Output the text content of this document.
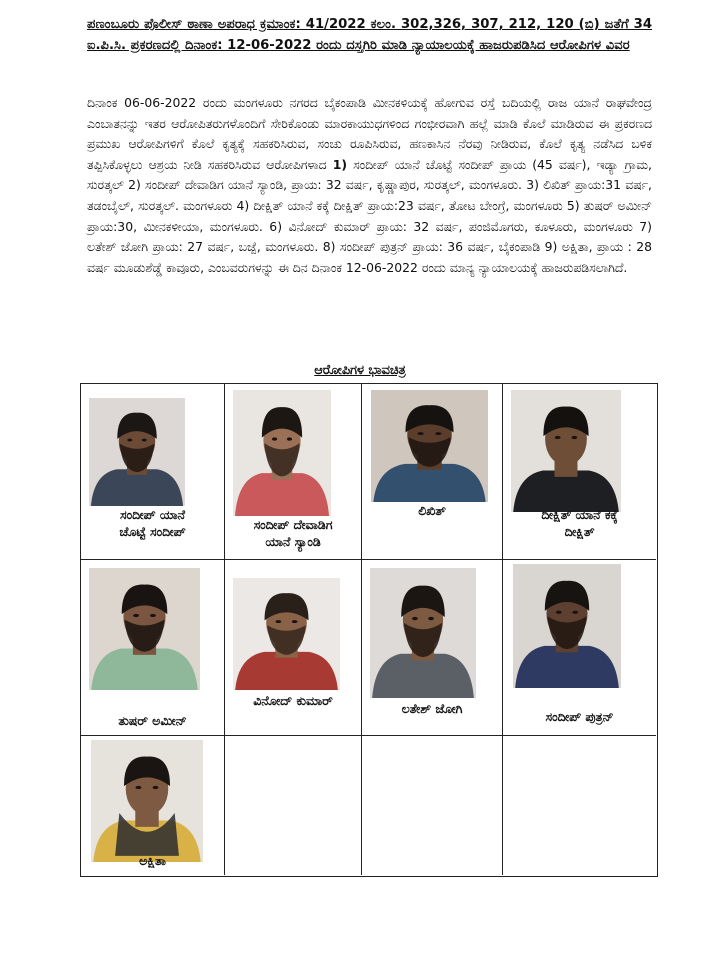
ಪಣಂಬೂರು ಪೊಲೀಸ್ ಠಾಣಾ ಅಪರಾಧ ಕ್ರಮಾಂಕ: 41/2022 ಕಲಂ. 302,326, 307, 212, 120 (ಬಿ) ಜತೆಗೆ 34 ಐ.ಪಿ.ಸಿ. ಪ್ರಕರಣದಲ್ಲಿ ದಿನಾಂಕ: 12-06-2022 ರಂದು ದಸ್ತಗಿರಿ ಮಾಡಿ ನ್ಯಾಯಾಲಯಕ್ಕೆ ಹಾಜರುಪಡಿಸಿದ ಆರೋಪಿಗಳ ವಿವರ
ದಿನಾಂಕ 06-06-2022 ರಂದು ಮಂಗಳೂರು ನಗರದ ಬೈಕಂಪಾಡಿ ಮೀನಕಳಿಯಕ್ಕೆ ಹೋಗುವ ರಸ್ತೆ ಬದಿಯಲ್ಲಿ ರಾಜ ಯಾನೆ ರಾಘವೇಂದ್ರ ಎಂಬಾತನನ್ನು ಇತರ ಆರೋಪಿತರುಗಳೊಂದಿಗೆ ಸೇರಿಕೊಂಡು ಮಾರಕಾಯುಧಗಳಿಂದ ಗಂಭೀರವಾಗಿ ಹಲ್ಲೆ ಮಾಡಿ ಕೊಲೆ ಮಾಡಿರುವ ಈ ಪ್ರಕರಣದ ಪ್ರಮುಖ ಆರೋಪಿಗಳಿಗೆ ಕೊಲೆ ಕೃತ್ಯಕ್ಕೆ ಸಹಕರಿಸಿರುವ, ಸಂಚು ರೂಪಿಸಿರುವ, ಹಣಕಾಸಿನ ನೆರವು ನೀಡಿರುವ, ಕೊಲೆ ಕೃತ್ಯ ನಡೆಸಿದ ಬಳಿಕ ತಪ್ಪಿಸಿಕೊಳ್ಳಲು ಆಶ್ರಯ ನೀಡಿ ಸಹಕರಿಸಿರುವ ಆರೋಪಿಗಳಾದ 1) ಸಂದೀಪ್ ಯಾನೆ ಚೊಟ್ಟೆ ಸಂದೀಪ್ ಪ್ರಾಯ (45 ವರ್ಷ), ಇಡ್ಯಾ ಗ್ರಾಮ, ಸುರತ್ಕಲ್ 2) ಸಂದೀಪ್ ದೇವಾಡಿಗ ಯಾನೆ ಸ್ಯಾಂಡಿ, ಪ್ರಾಯ: 32 ವರ್ಷ, ಕೃಷ್ಣಾಪುರ, ಸುರತ್ಕಲ್, ಮಂಗಳೂರು. 3) ಲಿಖಿತ್ ಪ್ರಾಯ:31 ವರ್ಷ, ತಡಂಬೈಲ್, ಸುರತ್ಕಲ್. ಮಂಗಳೂರು 4) ದೀಕ್ಷಿತ್ ಯಾನೆ ಕಕ್ಕೆ ದೀಕ್ಷಿತ್ ಪ್ರಾಯ:23 ವರ್ಷ, ತೋಟ ಬೇಂಗ್ರೆ, ಮಂಗಳೂರು 5) ತುಷರ್ ಅಮೀನ್ ಪ್ರಾಯ:30, ಮೀನಕಳೀಯಾ, ಮಂಗಳೂರು. 6) ವಿನೋದ್ ಕುಮಾರ್ ಪ್ರಾಯ: 32 ವರ್ಷ, ಪಂಜಿಮೊಗರು, ಕೂಳೂರು, ಮಂಗಳೂರು 7) ಲತೇಶ್ ಜೋಗಿ ಪ್ರಾಯ: 27 ವರ್ಷ, ಬಜ್ಪೆ, ಮಂಗಳೂರು. 8) ಸಂದೀಪ್ ಪುತ್ರನ್ ಪ್ರಾಯ: 36 ವರ್ಷ, ಬೈಕಂಪಾಡಿ 9) ಅಕ್ಷಿತಾ, ಪ್ರಾಯ : 28 ವರ್ಷ ಮೂಡುಶೆಡ್ಡೆ ಕಾವೂರು, ಎಂಬವರುಗಳನ್ನು ಈ ದಿನ ದಿನಾಂಕ 12-06-2022 ರಂದು ಮಾನ್ಯ ನ್ಯಾಯಾಲಯಕ್ಕೆ ಹಾಜರುಪಡಿಸಲಾಗಿದೆ.
ಆರೋಪಿಗಳ ಭಾವಚಿತ್ರ
ಸಂದೀಪ್ ಯಾನೆ
ಚೊಟ್ಟೆ ಸಂದೀಪ್	ಸಂದೀಪ್ ದೇವಾಡಿಗ
ಯಾನೆ ಸ್ಯಾಂಡಿ
ಲಿಖಿತ್	ದೀಕ್ಷಿತ್ ಯಾನೆ ಕಕ್ಕೆ
ದೀಕ್ಷಿತ್
ತುಷರ್ ಅಮೀನ್
ವಿನೋದ್ ಕುಮಾರ್
ಲತೇಶ್ ಜೋಗಿ
ಸಂದೀಪ್ ಪುತ್ರನ್
ಅಕ್ಷಿತಾ
